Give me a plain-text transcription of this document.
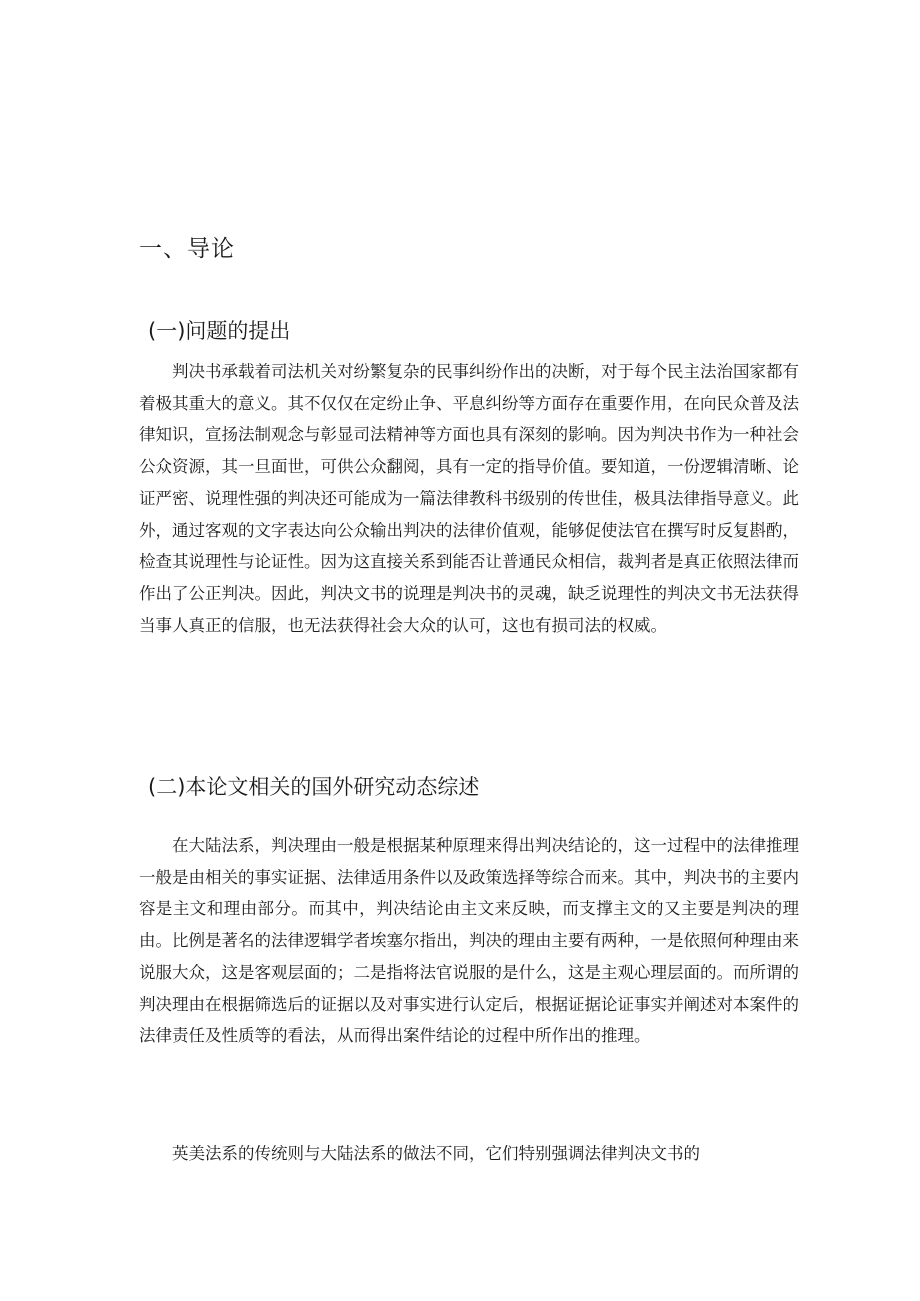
一、导论
(一)问题的提出

判决书承载着司法机关对纷繁复杂的民事纠纷作出的决断，对于每个民主法治国家都有着极其重大的意义。其不仅仅在定纷止争、平息纠纷等方面存在重要作用，在向民众普及法律知识，宣扬法制观念与彰显司法精神等方面也具有深刻的影响。因为判决书作为一种社会公众资源，其一旦面世，可供公众翻阅，具有一定的指导价值。要知道，一份逻辑清晰、论证严密、说理性强的判决还可能成为一篇法律教科书级别的传世佳，极具法律指导意义。此外，通过客观的文字表达向公众输出判决的法律价值观，能够促使法官在撰写时反复斟酌，检查其说理性与论证性。因为这直接关系到能否让普通民众相信，裁判者是真正依照法律而作出了公正判决。因此，判决文书的说理是判决书的灵魂，缺乏说理性的判决文书无法获得当事人真正的信服，也无法获得社会大众的认可，这也有损司法的权威。

(二)本论文相关的国外研究动态综述

在大陆法系，判决理由一般是根据某种原理来得出判决结论的，这一过程中的法律推理一般是由相关的事实证据、法律适用条件以及政策选择等综合而来。其中，判决书的主要内容是主文和理由部分。而其中，判决结论由主文来反映，而支撑主文的又主要是判决的理由。比例是著名的法律逻辑学者埃塞尔指出，判决的理由主要有两种，一是依照何种理由来说服大众，这是客观层面的；二是指将法官说服的是什么，这是主观心理层面的。而所谓的判决理由在根据筛选后的证据以及对事实进行认定后，根据证据论证事实并阐述对本案件的法律责任及性质等的看法，从而得出案件结论的过程中所作出的推理。

英美法系的传统则与大陆法系的做法不同，它们特别强调法律判决文书的
